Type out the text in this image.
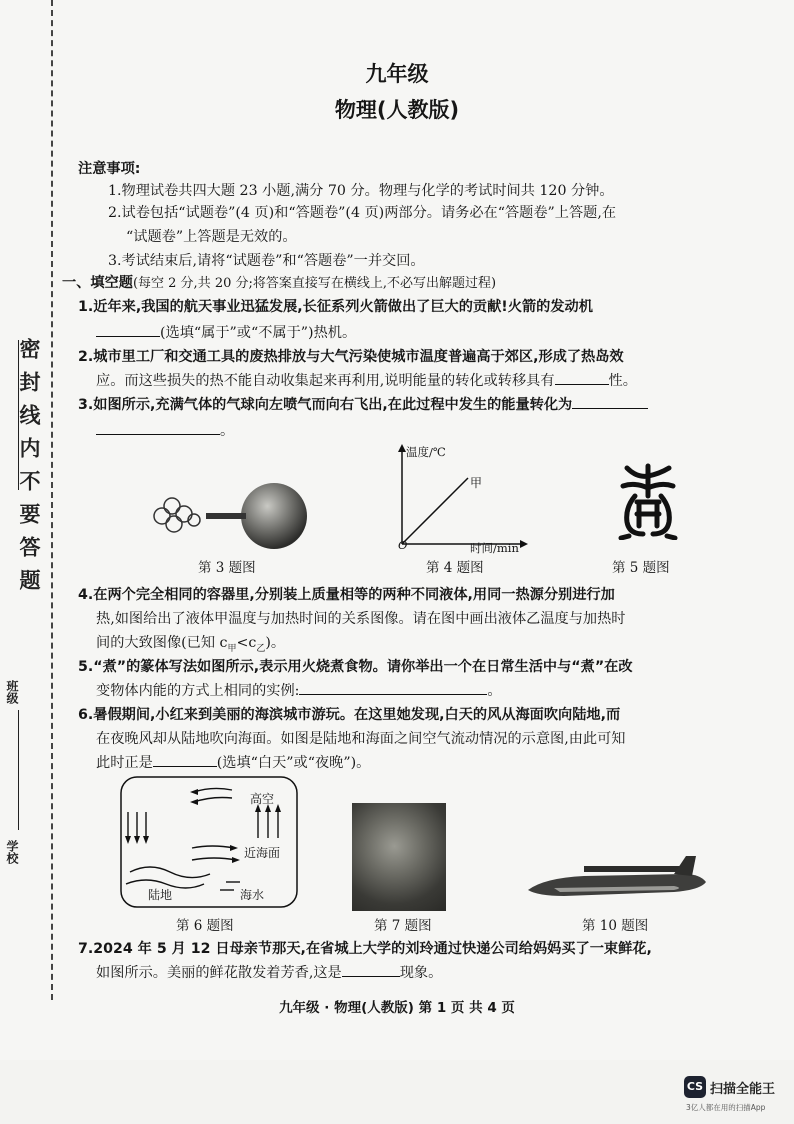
密封线内不要答题
班级
学校
九年级
物理(人教版)
注意事项:
1.物理试卷共四大题 23 小题,满分 70 分。物理与化学的考试时间共 120 分钟。
2.试卷包括“试题卷”(4 页)和“答题卷”(4 页)两部分。请务必在“答题卷”上答题,在
“试题卷”上答题是无效的。
3.考试结束后,请将“试题卷”和“答题卷”一并交回。
一、填空题(每空 2 分,共 20 分;将答案直接写在横线上,不必写出解题过程)
1.近年来,我国的航天事业迅猛发展,长征系列火箭做出了巨大的贡献!火箭的发动机
(选填“属于”或“不属于”)热机。
2.城市里工厂和交通工具的废热排放与大气污染使城市温度普遍高于郊区,形成了热岛效
应。而这些损失的热不能自动收集起来再利用,说明能量的转化或转移具有	性。
3.如图所示,充满气体的气球向左喷气而向右飞出,在此过程中发生的能量转化为
。
第 3 题图
温度/℃
时间/min
O
甲
第 4 题图	第 5 题图
4.在两个完全相同的容器里,分别装上质量相等的两种不同液体,用同一热源分别进行加
热,如图给出了液体甲温度与加热时间的关系图像。请在图中画出液体乙温度与加热时
间的大致图像(已知 $c_甲<c_乙$)。
5.“煮”的篆体写法如图所示,表示用火烧煮食物。请你举出一个在日常生活中与“煮”在改
变物体内能的方式上相同的实例:	。
6.暑假期间,小红来到美丽的海滨城市游玩。在这里她发现,白天的风从海面吹向陆地,而
在夜晚风却从陆地吹向海面。如图是陆地和海面之间空气流动情况的示意图,由此可知
此时正是	(选填“白天”或“夜晚”)。
高空
近海面
陆地	海水
第 6 题图	第 7 题图	第 10 题图
7.2024 年 5 月 12 日母亲节那天,在省城上大学的刘玲通过快递公司给妈妈买了一束鲜花,
如图所示。美丽的鲜花散发着芳香,这是	现象。
九年级 · 物理(人教版) 第 1 页 共 4 页
CS 扫描全能王
3亿人都在用的扫描App
